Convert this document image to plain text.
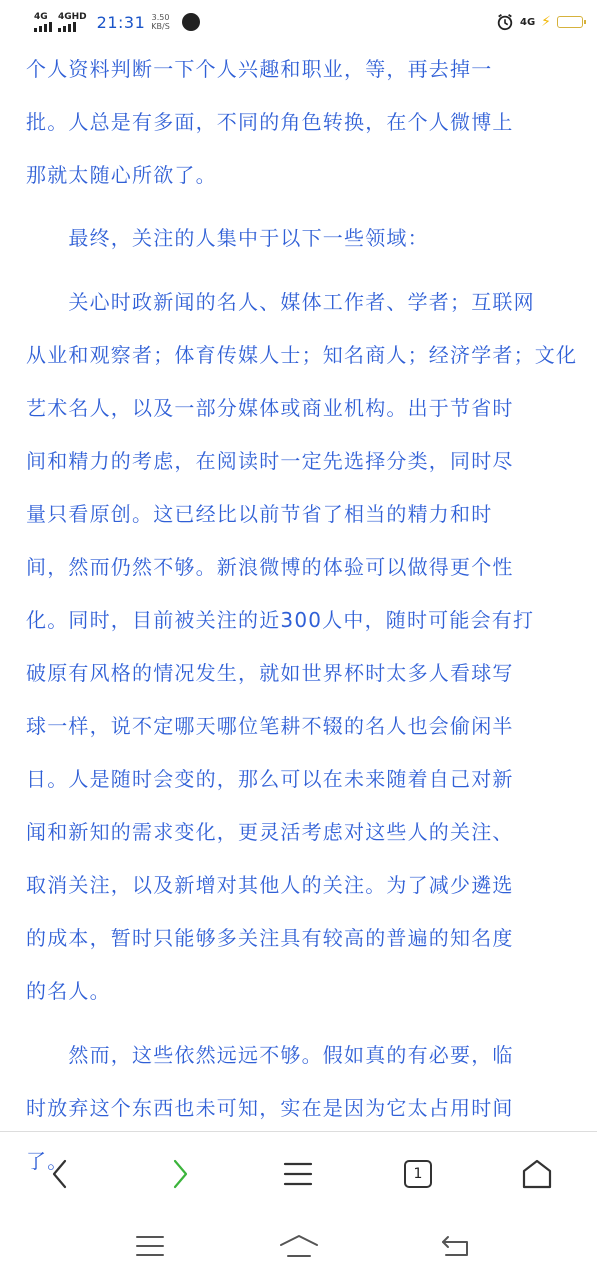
4G 4GHD 21:31 3.50
KB/S	4G ⚡
个人资料判断一下个人兴趣和职业，等，再去掉一
批。人总是有多面，不同的角色转换，在个人微博上
那就太随心所欲了。
　　最终，关注的人集中于以下一些领域：
　　关心时政新闻的名人、媒体工作者、学者；互联网
从业和观察者；体育传媒人士；知名商人；经济学者；文化
艺术名人，以及一部分媒体或商业机构。出于节省时
间和精力的考虑，在阅读时一定先选择分类，同时尽
量只看原创。这已经比以前节省了相当的精力和时
间，然而仍然不够。新浪微博的体验可以做得更个性
化。同时，目前被关注的近300人中，随时可能会有打
破原有风格的情况发生，就如世界杯时太多人看球写
球一样，说不定哪天哪位笔耕不辍的名人也会偷闲半
日。人是随时会变的，那么可以在未来随着自己对新
闻和新知的需求变化，更灵活考虑对这些人的关注、
取消关注，以及新增对其他人的关注。为了减少遴选
的成本，暂时只能够多关注具有较高的普遍的知名度
的名人。
　　然而，这些依然远远不够。假如真的有必要，临
时放弃这个东西也未可知，实在是因为它太占用时间
了。
1
